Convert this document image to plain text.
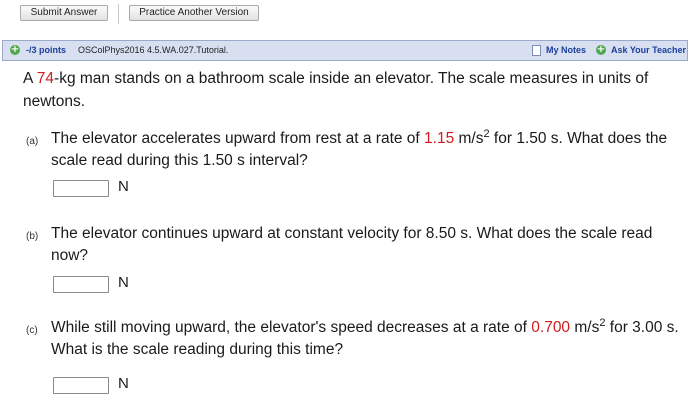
Submit Answer	Practice Another Version
+ -/3 points OSColPhys2016 4.5.WA.027.Tutorial.	My Notes + Ask Your Teacher
A 74-kg man stands on a bathroom scale inside an elevator. The scale measures in units of newtons.
(a) The elevator accelerates upward from rest at a rate of 1.15 $m/s^2$ for 1.50 s. What does the scale read during this 1.50 s interval?
N
(b) The elevator continues upward at constant velocity for 8.50 s. What does the scale read now?
N
(c) While still moving upward, the elevator's speed decreases at a rate of 0.700 $m/s^2$ for 3.00 s. What is the scale reading during this time?
N
